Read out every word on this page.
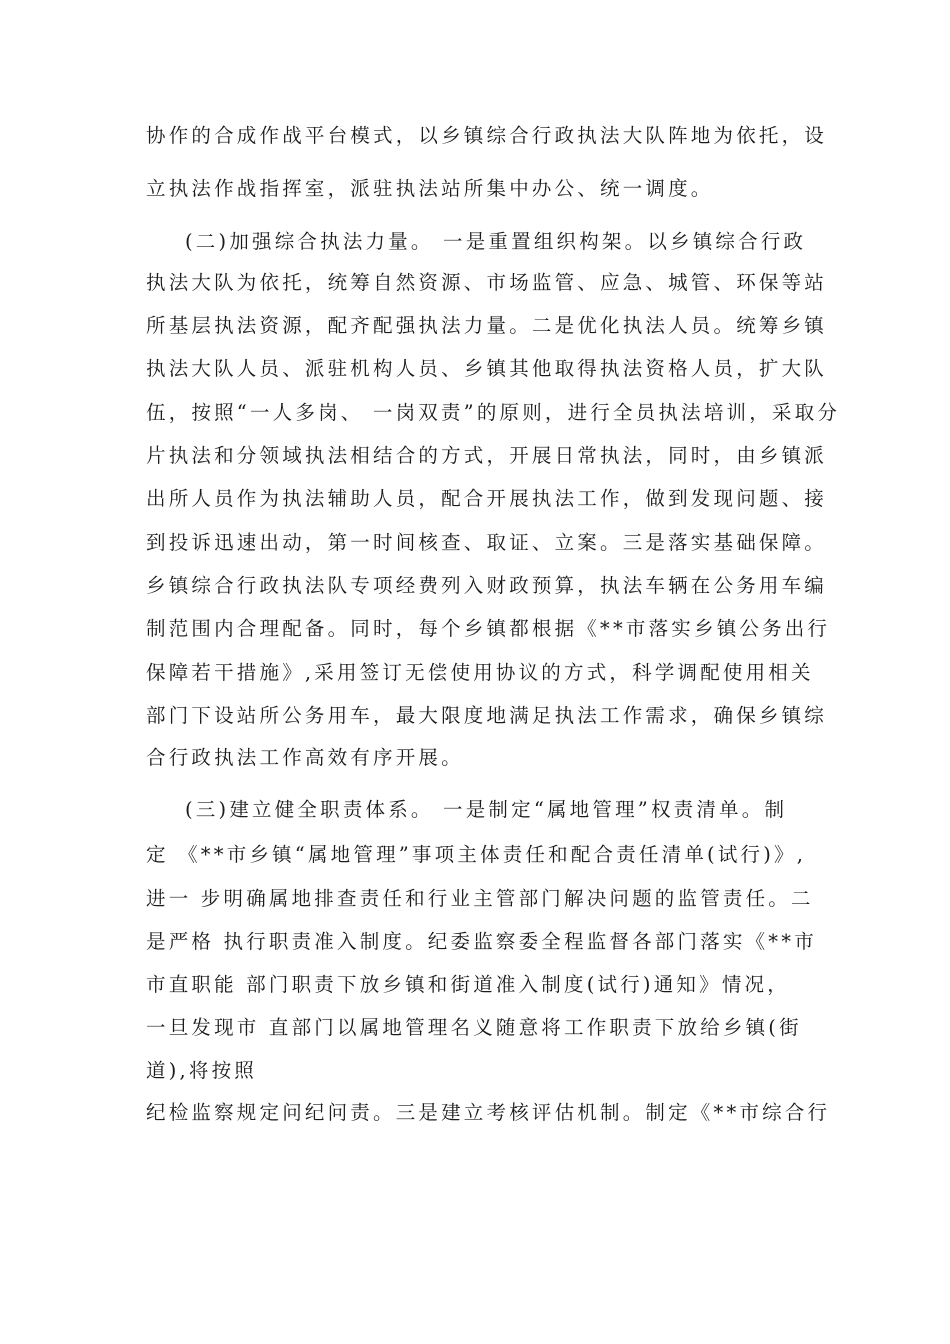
协作的合成作战平台模式，以乡镇综合行政执法大队阵地为依托，设
立执法作战指挥室，派驻执法站所集中办公、统一调度。
(二)加强综合执法力量。 一是重置组织构架。以乡镇综合行政
执法大队为依托，统筹自然资源、市场监管、应急、城管、环保等站
所基层执法资源，配齐配强执法力量。二是优化执法人员。统筹乡镇
执法大队人员、派驻机构人员、乡镇其他取得执法资格人员，扩大队
伍，按照“一人多岗、 一岗双责”的原则，进行全员执法培训，采取分
片执法和分领域执法相结合的方式，开展日常执法，同时，由乡镇派
出所人员作为执法辅助人员，配合开展执法工作，做到发现问题、接
到投诉迅速出动，第一时间核查、取证、立案。三是落实基础保障。
乡镇综合行政执法队专项经费列入财政预算，执法车辆在公务用车编
制范围内合理配备。同时，每个乡镇都根据《**市落实乡镇公务出行
保障若干措施》,采用签订无偿使用协议的方式，科学调配使用相关
部门下设站所公务用车，最大限度地满足执法工作需求，确保乡镇综
合行政执法工作高效有序开展。
(三)建立健全职责体系。 一是制定“属地管理”权责清单。制
定 《**市乡镇“属地管理”事项主体责任和配合责任清单(试行)》,
进一 步明确属地排查责任和行业主管部门解决问题的监管责任。二
是严格 执行职责准入制度。纪委监察委全程监督各部门落实《**市
市直职能 部门职责下放乡镇和街道准入制度(试行)通知》情况，
一旦发现市 直部门以属地管理名义随意将工作职责下放给乡镇(街
道),将按照
纪检监察规定问纪问责。三是建立考核评估机制。制定《**市综合行
